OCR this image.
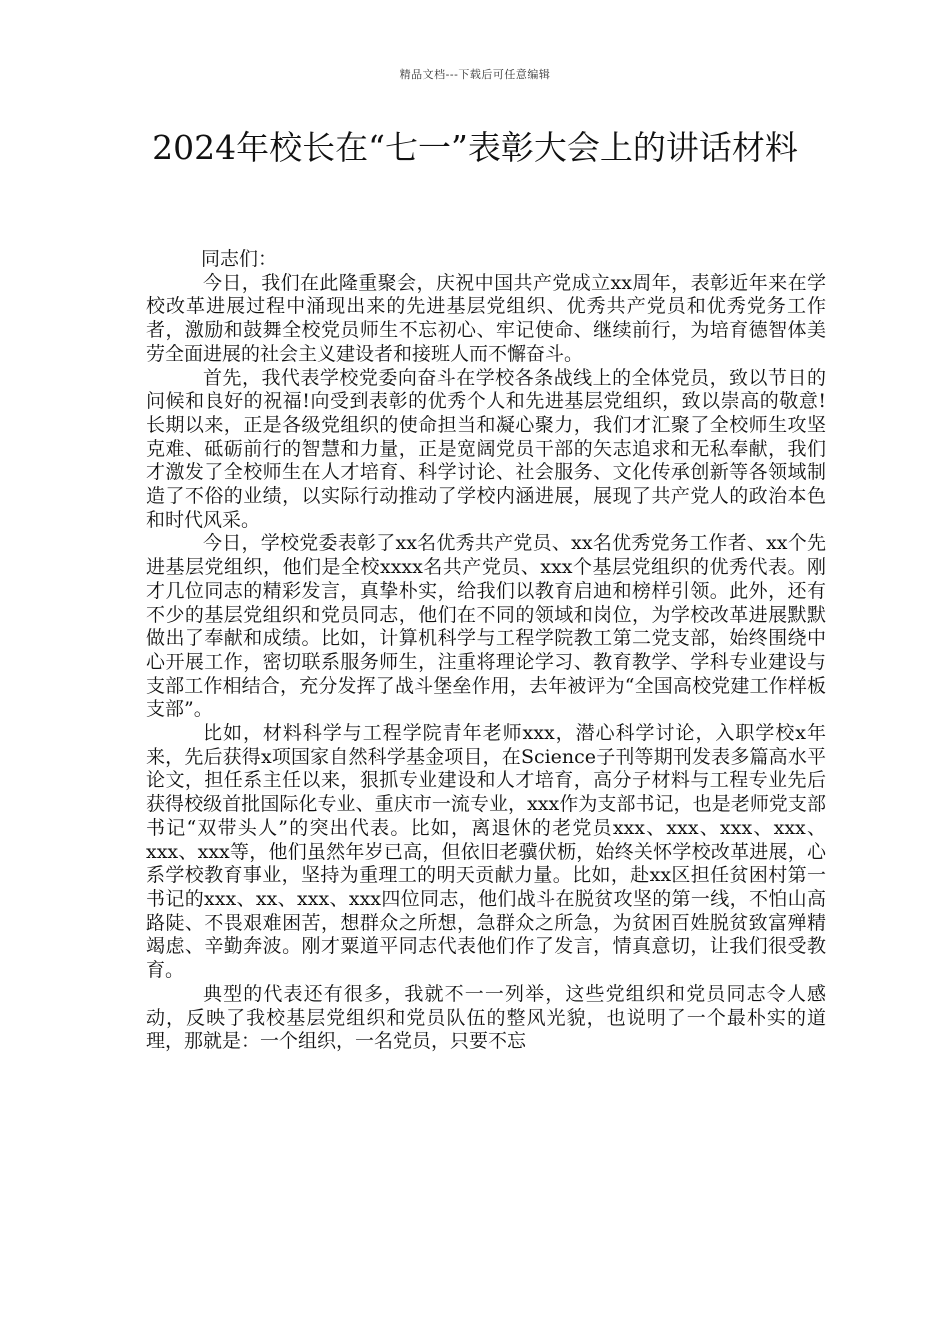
精品文档---下载后可任意编辑
2024年校长在“七一”表彰大会上的讲话材料

同志们：

今日，我们在此隆重聚会，庆祝中国共产党成立xx周年，表彰近年来在学校改革进展过程中涌现出来的先进基层党组织、优秀共产党员和优秀党务工作者，激励和鼓舞全校党员师生不忘初心、牢记使命、继续前行，为培育德智体美劳全面进展的社会主义建设者和接班人而不懈奋斗。

首先，我代表学校党委向奋斗在学校各条战线上的全体党员，致以节日的问候和良好的祝福!向受到表彰的优秀个人和先进基层党组织，致以崇高的敬意!长期以来，正是各级党组织的使命担当和凝心聚力，我们才汇聚了全校师生攻坚克难、砥砺前行的智慧和力量，正是宽阔党员干部的矢志追求和无私奉献，我们才激发了全校师生在人才培育、科学讨论、社会服务、文化传承创新等各领域制造了不俗的业绩，以实际行动推动了学校内涵进展，展现了共产党人的政治本色和时代风采。

今日，学校党委表彰了xx名优秀共产党员、xx名优秀党务工作者、xx个先进基层党组织，他们是全校xxxx名共产党员、xxx个基层党组织的优秀代表。刚才几位同志的精彩发言，真挚朴实，给我们以教育启迪和榜样引领。此外，还有不少的基层党组织和党员同志，他们在不同的领域和岗位，为学校改革进展默默做出了奉献和成绩。比如，计算机科学与工程学院教工第二党支部，始终围绕中心开展工作，密切联系服务师生，注重将理论学习、教育教学、学科专业建设与支部工作相结合，充分发挥了战斗堡垒作用，去年被评为“全国高校党建工作样板支部”。

比如，材料科学与工程学院青年老师xxx，潜心科学讨论，入职学校x年来，先后获得x项国家自然科学基金项目，在Science子刊等期刊发表多篇高水平论文，担任系主任以来，狠抓专业建设和人才培育，高分子材料与工程专业先后获得校级首批国际化专业、重庆市一流专业，xxx作为支部书记，也是老师党支部书记“双带头人”的突出代表。比如，离退休的老党员xxx、xxx、xxx、xxx、xxx、xxx等，他们虽然年岁已高，但依旧老骥伏枥，始终关怀学校改革进展，心系学校教育事业，坚持为重理工的明天贡献力量。比如，赴xx区担任贫困村第一书记的xxx、xx、xxx、xxx四位同志，他们战斗在脱贫攻坚的第一线，不怕山高路陡、不畏艰难困苦，想群众之所想，急群众之所急，为贫困百姓脱贫致富殚精竭虑、辛勤奔波。刚才粟道平同志代表他们作了发言，情真意切，让我们很受教育。

典型的代表还有很多，我就不一一列举，这些党组织和党员同志令人感动，反映了我校基层党组织和党员队伍的整风光貌，也说明了一个最朴实的道理，那就是：一个组织，一名党员，只要不忘
